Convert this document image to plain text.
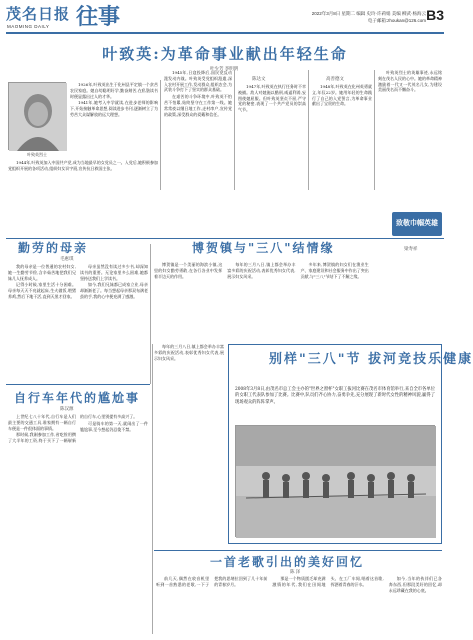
茂名日报
MAOMING DAILY 往事	2022年3月8日 星期二 编辑 史玲·许莉娟 美编 柳武·杨海云
电子邮箱:zhoukan@126.com B3
叶致英:为革命事业献出年轻生命
叶少芳 李明明
叶致英烈士

1926年,叶致英出生于化州县平定镇一个贫苦农民家庭。她自幼聪明好学,勤奋刻苦,在私塾读书时便显露出过人的才华。

1941年,她考入中学就读,在进步老师的影响下,开始接触革命思想,阅读进步书刊,逐渐树立了为劳苦大众谋解放的远大理想。

1944年,叶致英加入中国共产党,成为当地最早的女党员之一。入党后,她积极参加党组织开展的各项活动,组织妇女识字班,宣传抗日救国主张。

1945年,日寇投降后,国民党反动派发动内战。叶致英受党组织派遣,深入农村开展工作,发动群众,组织农会,为武装斗争打下了坚实的群众基础。

在艰苦的斗争环境中,叶致英不怕苦不怕累,始终坚守在工作第一线。她常常夜以继日地工作,走村串户,宣传党的政策,深受群众的爱戴和信任。

陈达文

1947年,叶致英在执行任务时不幸被捕。敌人对她施以酷刑,威逼利诱,妄图使她屈服。但叶致英坚贞不屈,严守党的秘密,表现了一个共产党员的崇高气节。

高善德文

1948年,叶致英在化州英勇就义,年仅22岁。她用年轻的生命践行了自己的入党誓言,为革命事业献出了宝贵的生命。

叶致英烈士的英雄事迹,永远铭刻在茂名人民的心中。她的革命精神激励着一代又一代茂名儿女,为建设美丽茂名而不懈奋斗。

致敬巾帼英雄
勤劳的母亲
毛惠琪

我的母亲是一位普通的农村妇女,她一生勤劳节俭,含辛茹苦地把我们兄妹几人抚养成人。

记得小时候,家里生活十分困难。母亲每天天不亮就起床,生火做饭,喂猪养鸡,然后下地干活,直到天黑才回家。

母亲虽然没有读过多少书,却深知读书的重要。无论家里多么困难,她都坚持送我们上学读书。

如今,我们兄妹都已成家立业,母亲却渐渐老了。每当想起母亲那双布满老茧的手,我的心中便充满了感激。

博贺镇与"三八"结情缘	梁寿祥

博贺镇是一个美丽的海滨小镇,这里的妇女勤劳勇敢,在各行各业中发挥着半边天的作用。

每年的三月八日,镇上都会举办丰富多彩的庆祝活动,表彰优秀妇女代表,展示妇女风采。

多年来,博贺镇的妇女们在渔业生产、家庭建设和社会服务中作出了突出贡献,与"三八"节结下了不解之缘。

自行车年代的尴尬事
陈汉源

上世纪七八十年代,自行车是人们最主要的交通工具,谁家拥有一辆自行车便是一件很体面的事情。

那时候,我刚参加工作,省吃俭用攒了大半年的工资,终于买下了一辆崭新的自行车,心里别提有多高兴了。

可是骑车的第一天,就闹出了一件尴尬事,至今想起仍忍俊不禁。

别样"三八"节 拔河竞技乐健康
2008年3月8日,由茂名市总工会主办的"世界之窗杯"女职工拔河比赛在茂名市体育馆举行,来自全市各单位的女职工代表队参加了比赛。比赛中,队员们齐心协力,奋勇争先,充分展现了新时代女性的精神风貌,赢得了现场观众的阵阵掌声。

每年的三月八日,镇上都会举办丰富多彩的庆祝活动,表彰优秀妇女代表,展示妇女风采。

一首老歌引出的美好回忆
陈 泽

前几天,偶然在收音机里听到一首熟悉的老歌,一下子把我的思绪拉回到了几十年前的青春岁月。

那是一个物质匮乏却充满激情的年代,我们在田间地头、在工厂车间,唱着这首歌,挥洒着青春的汗水。

如今,当年的伙伴们已各奔东西,但那段美好的回忆,却永远珍藏在我的心底。
